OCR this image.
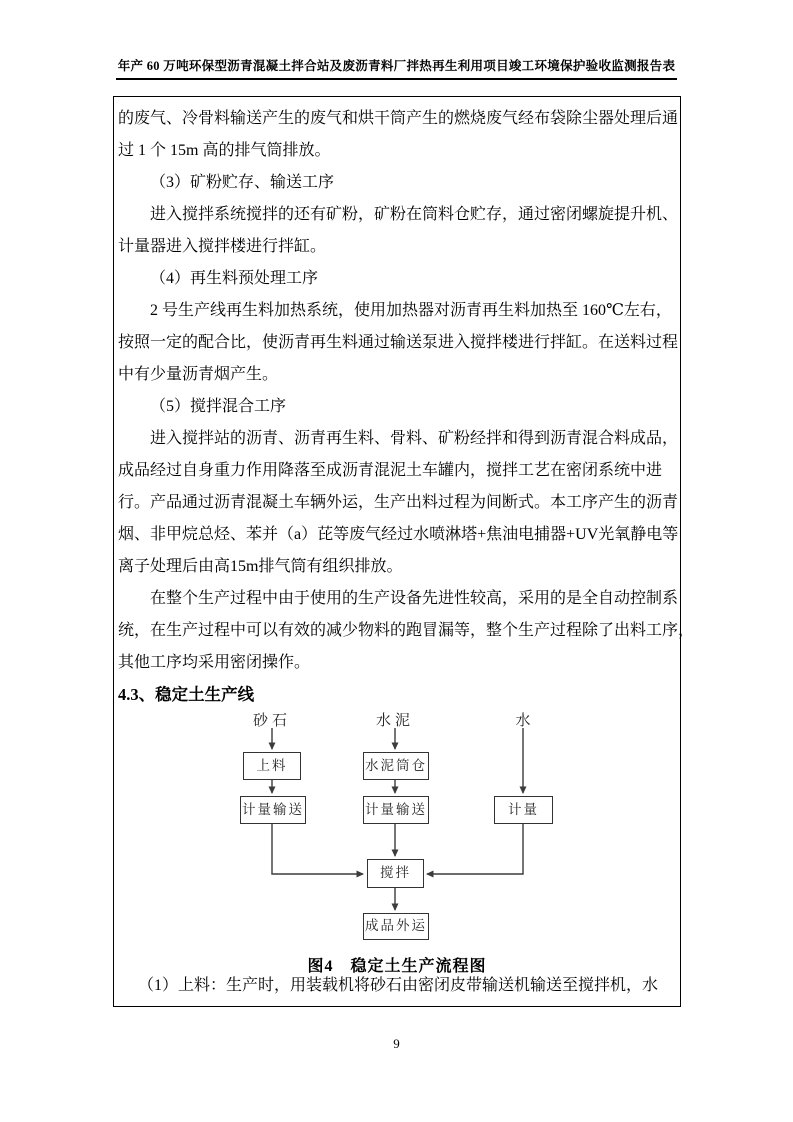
年产 60 万吨环保型沥青混凝土拌合站及废沥青料厂拌热再生利用项目竣工环境保护验收监测报告表
的废气、冷骨料输送产生的废气和烘干筒产生的燃烧废气经布袋除尘器处理后通
过 1 个 15m 高的排气筒排放。
（3）矿粉贮存、输送工序
进入搅拌系统搅拌的还有矿粉，矿粉在筒料仓贮存，通过密闭螺旋提升机、
计量器进入搅拌楼进行拌缸。
（4）再生料预处理工序
2 号生产线再生料加热系统，使用加热器对沥青再生料加热至 160℃左右，
按照一定的配合比，使沥青再生料通过输送泵进入搅拌楼进行拌缸。在送料过程
中有少量沥青烟产生。
（5）搅拌混合工序
进入搅拌站的沥青、沥青再生料、骨料、矿粉经拌和得到沥青混合料成品，
成品经过自身重力作用降落至成沥青混泥土车罐内，搅拌工艺在密闭系统中进
行。产品通过沥青混凝土车辆外运，生产出料过程为间断式。本工序产生的沥青
烟、非甲烷总烃、苯并（a）芘等废气经过水喷淋塔+焦油电捕器+UV光氧静电等
离子处理后由高15m排气筒有组织排放。
在整个生产过程中由于使用的生产设备先进性较高，采用的是全自动控制系
统，在生产过程中可以有效的减少物料的跑冒漏等，整个生产过程除了出料工序，
其他工序均采用密闭操作。
4.3、稳定土生产线
砂石	水泥	水
上料	水泥筒仓
计量输送	计量输送	计量
搅拌
成品外运
图4　稳定土生产流程图
（1）上料：生产时，用装载机将砂石由密闭皮带输送机输送至搅拌机，水
9
